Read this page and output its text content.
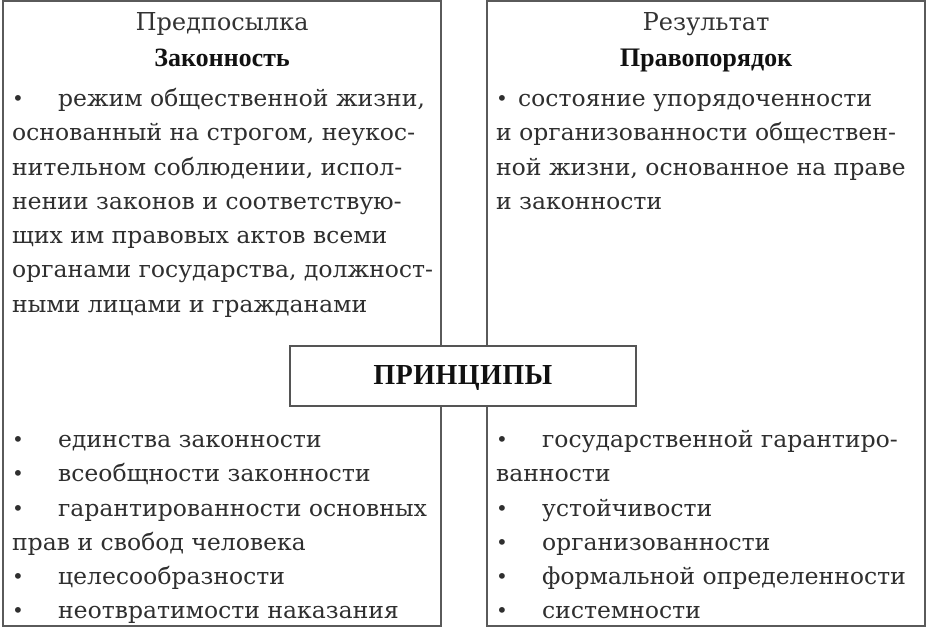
Предпосылка
Законность
• режим общественной жизни,
основанный на строгом, неукос-
нительном соблюдении, испол-
нении законов и соответствую-
щих им правовых актов всеми
органами государства, должност-
ными лицами и гражданами
• единства законности
• всеобщности законности
• гарантированности основных
прав и свобод человека
• целесообразности
• неотвратимости наказания
Результат
Правопорядок
• состояние упорядоченности
и организованности обществен-
ной жизни, основанное на праве
и законности
• государственной гарантиро-
ванности
• устойчивости
• организованности
• формальной определенности
• системности
ПРИНЦИПЫ
